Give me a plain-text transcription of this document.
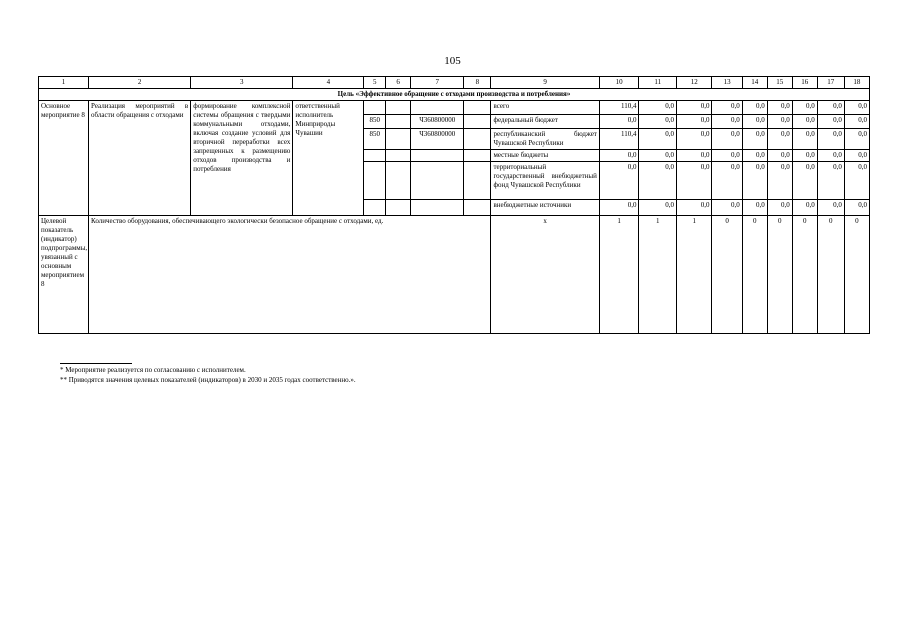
105
1	2	3	4	5	6	7	8	9	10	11	12	13	14	15	16	17	18
Цель «Эффективное обращение с отходами производства и потребления»																	
Основное мероприятие 8	Реализация мероприятий в области обращения с отходами	формирование комплексной системы обращения с твердыми коммунальными отходами, включая создание условий для вторичной переработки всех запрещенных к размещению отходов производства и потребления	ответственный исполнитель Минприроды Чувашии					всего	110,4	0,0	0,0	0,0	0,0	0,0	0,0	0,0	0,0
				850		Ч360800000		федеральный бюджет	0,0	0,0	0,0	0,0	0,0	0,0	0,0	0,0	0,0
				850		Ч360800000		республиканский бюджет Чувашской Республики	110,4	0,0	0,0	0,0	0,0	0,0	0,0	0,0	0,0
								местные бюджеты	0,0	0,0	0,0	0,0	0,0	0,0	0,0	0,0	0,0
								территориальный государственный внебюджетный фонд Чувашской Республики	0,0	0,0	0,0	0,0	0,0	0,0	0,0	0,0	0,0
								внебюджетные источники	0,0	0,0	0,0	0,0	0,0	0,0	0,0	0,0	0,0
Целевой показатель (индикатор) подпрограммы, увязанный с основным мероприятием 8	Количество оборудования, обеспечивающего экологически безопасное обращение с отходами, ед.							x	1	1	1	0	0	0	0	0	0
* Мероприятие реализуется по согласованию с исполнителем.
** Приводятся значения целевых показателей (индикаторов) в 2030 и 2035 годах соответственно.».
